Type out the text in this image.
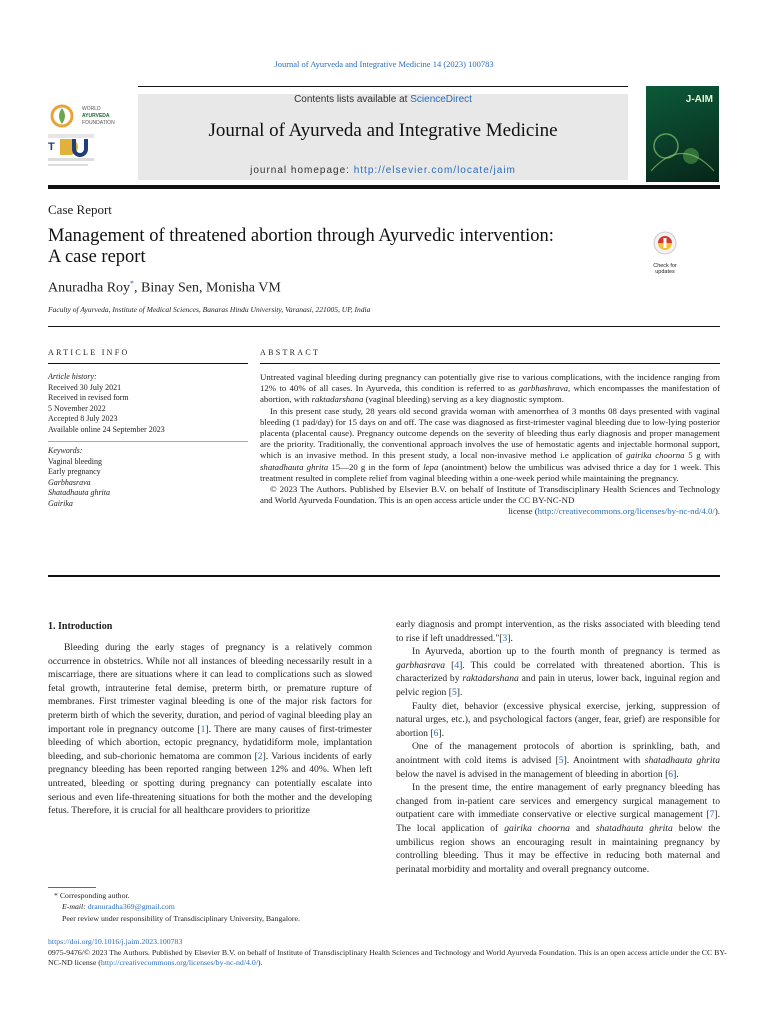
Journal of Ayurveda and Integrative Medicine 14 (2023) 100783
T
WORLD
AYURVEDA
FOUNDATION
Contents lists available at ScienceDirect
Journal of Ayurveda and Integrative Medicine
journal homepage: http://elsevier.com/locate/jaim
J-AIM
Case Report
Management of threatened abortion through Ayurvedic intervention:
A case report	Check for updates
Anuradha Roy*, Binay Sen, Monisha VM
Faculty of Ayurveda, Institute of Medical Sciences, Banaras Hindu University, Varanasi, 221005, UP, India
ARTICLE INFO
Article history:
Received 30 July 2021
Received in revised form
5 November 2022
Accepted 8 July 2023
Available online 24 September 2023
Keywords:
Vaginal bleeding
Early pregnancy
Garbhasrava
Shatadhauta ghrita
Gairika
ABSTRACT

Untreated vaginal bleeding during pregnancy can potentially give rise to various complications, with the incidence ranging from 12% to 40% of all cases. In Ayurveda, this condition is referred to as garbhashrava, which encompasses the manifestation of abortion, with raktadarshana (vaginal bleeding) serving as a key diagnostic symptom.

In this present case study, 28 years old second gravida woman with amenorrhea of 3 months 08 days presented with vaginal bleeding (1 pad/day) for 15 days on and off. The case was diagnosed as first-trimester vaginal bleeding due to low-lying posterior placenta (placental cause). Pregnancy outcome depends on the severity of bleeding thus early diagnosis and proper management are the priority. Traditionally, the conventional approach involves the use of hemostatic agents and injectable hormonal support, which is an invasive method. In this present study, a local non-invasive method i.e application of gairika choorna 5 g with shatadhauta ghrita 15—20 g in the form of lepa (anointment) below the umbilicus was advised thrice a day for 1 week. This treatment resulted in complete relief from vaginal bleeding within a one-week period while maintaining the pregnancy.

© 2023 The Authors. Published by Elsevier B.V. on behalf of Institute of Transdisciplinary Health Sciences and Technology and World Ayurveda Foundation. This is an open access article under the CC BY-NC-ND

license (http://creativecommons.org/licenses/by-nc-nd/4.0/).

1. Introduction

Bleeding during the early stages of pregnancy is a relatively common occurrence in obstetrics. While not all instances of bleeding necessarily result in a miscarriage, there are situations where it can lead to complications such as slowed fetal growth, intrauterine fetal demise, preterm birth, or premature rupture of membranes. First trimester vaginal bleeding is one of the major risk factors for preterm birth of which the severity, duration, and period of vaginal bleeding play an important role in pregnancy outcome [1]. There are many causes of first-trimester bleeding of which abortion, ectopic pregnancy, hydatidiform mole, implantation bleeding, and sub-chorionic hematoma are common [2]. Various incidents of early pregnancy bleeding has been reported ranging between 12% and 40%. When left untreated, bleeding or spotting during pregnancy can potentially escalate into serious and even life-threatening situations for both the mother and the developing fetus. Therefore, it is crucial for all healthcare providers to prioritize

early diagnosis and prompt intervention, as the risks associated with bleeding tend to rise if left unaddressed."[3].

In Ayurveda, abortion up to the fourth month of pregnancy is termed as garbhasrava [4]. This could be correlated with threatened abortion. This is characterized by raktadarshana and pain in uterus, lower back, inguinal region and pelvic region [5].

Faulty diet, behavior (excessive physical exercise, jerking, suppression of natural urges, etc.), and psychological factors (anger, fear, grief) are responsible for abortion [6].

One of the management protocols of abortion is sprinkling, bath, and anointment with cold items is advised [5]. Anointment with shatadhauta ghrita below the navel is advised in the management of bleeding in abortion [6].

In the present time, the entire management of early pregnancy bleeding has changed from in-patient care services and emergency surgical management to outpatient care with immediate conservative or elective surgical management [7]. The local application of gairika choorna and shatadhauta ghrita below the umbilicus region shows an encouraging result in maintaining pregnancy by controlling bleeding. Thus it may be effective in reducing both maternal and perinatal morbidity and mortality and overall pregnancy outcome.

* Corresponding author.
E-mail: dranuradha369@gmail.com
Peer review under responsibility of Transdisciplinary University, Bangalore.
https://doi.org/10.1016/j.jaim.2023.100783
0975-9476/© 2023 The Authors. Published by Elsevier B.V. on behalf of Institute of Transdisciplinary Health Sciences and Technology and World Ayurveda Foundation. This is an open access article under the CC BY-NC-ND license (http://creativecommons.org/licenses/by-nc-nd/4.0/).
